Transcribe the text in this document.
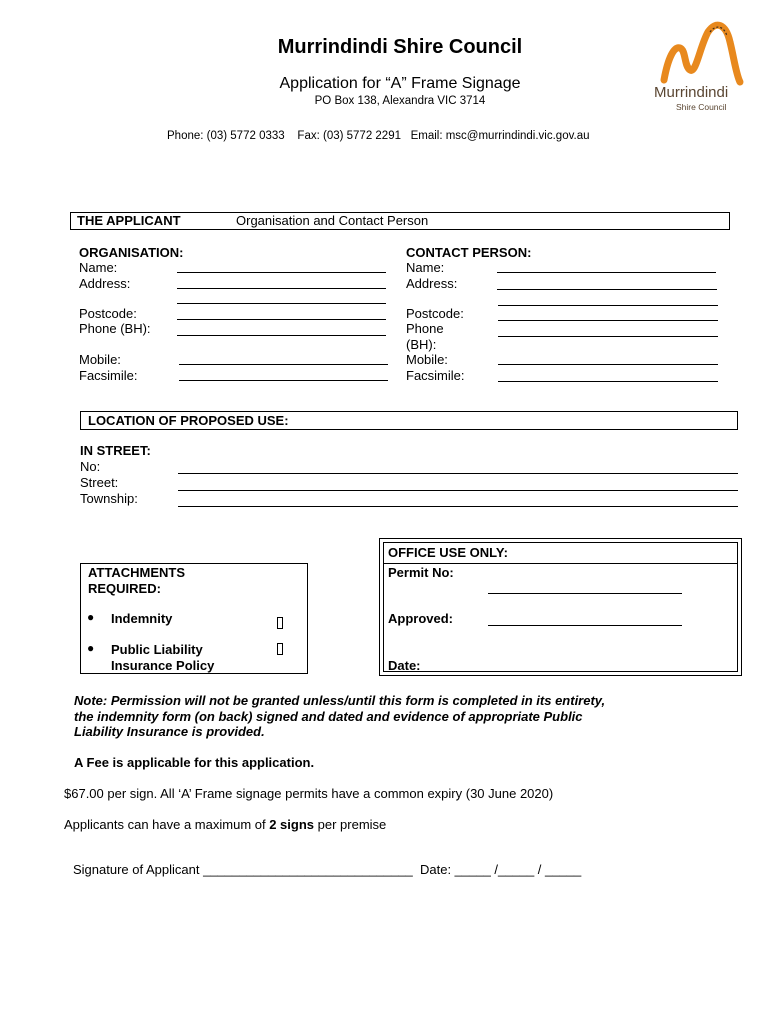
Murrindindi Shire Council
Application for “A” Frame Signage
PO Box 138, Alexandra VIC 3714
Phone: (03) 5772 0333    Fax: (03) 5772 2291   Email: msc@murrindindi.vic.gov.au
Murrindindi
Shire Council
THE APPLICANT	Organisation and Contact Person
ORGANISATION:
Name:
Address:
Postcode:
Phone (BH):
Mobile:
Facsimile:
CONTACT PERSON:
Name:
Address:
Postcode:
Phone
(BH):
Mobile:
Facsimile:
LOCATION OF PROPOSED USE:
IN STREET:
No:
Street:
Township:
ATTACHMENTS
REQUIRED:
● Indemnity
● Public Liability
Insurance Policy
OFFICE USE ONLY:
Permit No:
Approved:
Date:
Note: Permission will not be granted unless/until this form is completed in its entirety,
the indemnity form (on back) signed and dated and evidence of appropriate Public
Liability Insurance is provided.
A Fee is applicable for this application.
$67.00 per sign. All ‘A’ Frame signage permits have a common expiry (30 June 2020)
Applicants can have a maximum of 2 signs per premise
Signature of Applicant _____________________________  Date: _____ /_____ / _____
